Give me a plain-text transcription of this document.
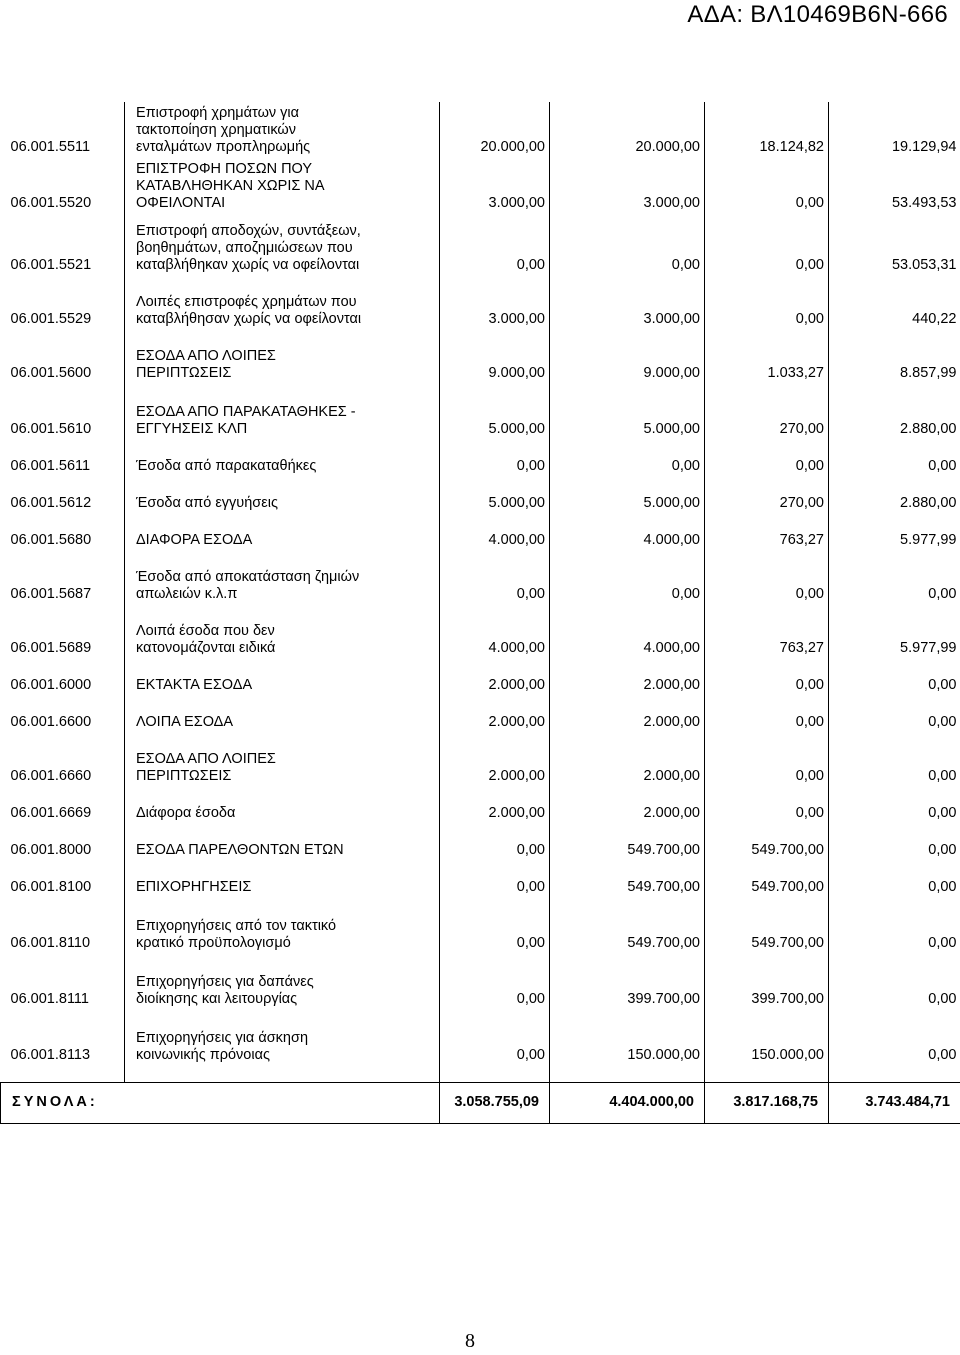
ΑΔΑ: ΒΛ10469Β6Ν-666
06.001.5511	Επιστροφή χρημάτων για
τακτοποίηση χρηματικών
ενταλμάτων προπληρωμής	20.000,00	20.000,00	18.124,82	19.129,94
06.001.5520	ΕΠΙΣΤΡΟΦΗ ΠΟΣΩΝ ΠΟΥ
ΚΑΤΑΒΛΗΘΗΚΑΝ ΧΩΡΙΣ ΝΑ
ΟΦΕΙΛΟΝΤΑΙ	3.000,00	3.000,00	0,00	53.493,53
06.001.5521	Επιστροφή αποδοχών, συντάξεων,
βοηθημάτων, αποζημιώσεων που
καταβλήθηκαν χωρίς να οφείλονται	0,00	0,00	0,00	53.053,31
06.001.5529	Λοιπές επιστροφές χρημάτων που
καταβλήθησαν χωρίς να οφείλονται	3.000,00	3.000,00	0,00	440,22
06.001.5600	ΕΣΟΔΑ ΑΠΟ ΛΟΙΠΕΣ
ΠΕΡΙΠΤΩΣΕΙΣ	9.000,00	9.000,00	1.033,27	8.857,99
06.001.5610	ΕΣΟΔΑ ΑΠΟ ΠΑΡΑΚΑΤΑΘΗΚΕΣ -
ΕΓΓΥΗΣΕΙΣ ΚΛΠ	5.000,00	5.000,00	270,00	2.880,00
06.001.5611	Έσοδα από παρακαταθήκες	0,00	0,00	0,00	0,00
06.001.5612	Έσοδα από εγγυήσεις	5.000,00	5.000,00	270,00	2.880,00
06.001.5680	ΔΙΑΦΟΡΑ ΕΣΟΔΑ	4.000,00	4.000,00	763,27	5.977,99
06.001.5687	Έσοδα από αποκατάσταση ζημιών
απωλειών κ.λ.π	0,00	0,00	0,00	0,00
06.001.5689	Λοιπά έσοδα που δεν
κατονομάζονται ειδικά	4.000,00	4.000,00	763,27	5.977,99
06.001.6000	ΕΚΤΑΚΤΑ ΕΣΟΔΑ	2.000,00	2.000,00	0,00	0,00
06.001.6600	ΛΟΙΠΑ ΕΣΟΔΑ	2.000,00	2.000,00	0,00	0,00
06.001.6660	ΕΣΟΔΑ ΑΠΟ ΛΟΙΠΕΣ
ΠΕΡΙΠΤΩΣΕΙΣ	2.000,00	2.000,00	0,00	0,00
06.001.6669	Διάφορα έσοδα	2.000,00	2.000,00	0,00	0,00
06.001.8000	ΕΣΟΔΑ ΠΑΡΕΛΘΟΝΤΩΝ ΕΤΩΝ	0,00	549.700,00	549.700,00	0,00
06.001.8100	ΕΠΙΧΟΡΗΓΗΣΕΙΣ	0,00	549.700,00	549.700,00	0,00
06.001.8110	Επιχορηγήσεις από τον τακτικό
κρατικό προϋπολογισμό	0,00	549.700,00	549.700,00	0,00
06.001.8111	Επιχορηγήσεις για δαπάνες
διοίκησης και λειτουργίας	0,00	399.700,00	399.700,00	0,00
06.001.8113	Επιχορηγήσεις για άσκηση
κοινωνικής πρόνοιας	0,00	150.000,00	150.000,00	0,00

ΣΥΝΟΛΑ:		3.058.755,09	4.404.000,00	3.817.168,75	3.743.484,71
8
